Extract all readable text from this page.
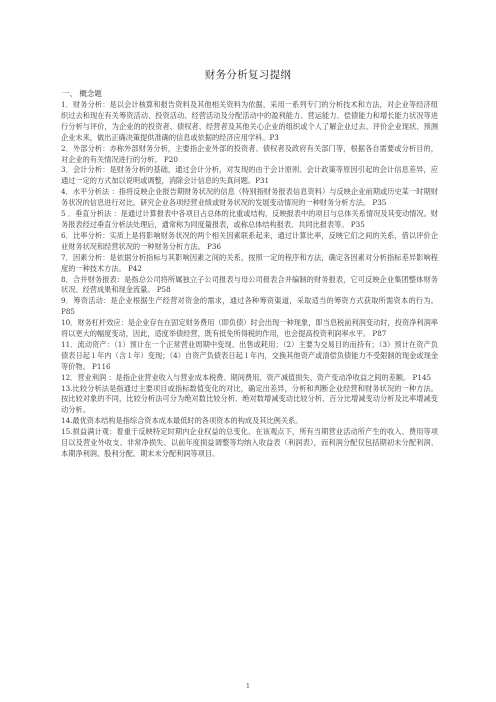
财务分析复习提纲
一、 概念题

1．财务分析：是以会计核算和报告资料及其他相关资料为依据，采用一系列专门的分析技术和方法，对企业等经济组织过去和现在有关筹资活动、投资活动、经营活动及分配活动中的盈利能力、营运能力、偿债能力和增长能力状况等进行分析与评价，为企业的的投资者、债权者、经营者及其他关心企业的组织或个人了解企业过去、评价企业现状、预测企业未来，做出正确决策提供准确的信息或依据的经济应用学科。P3

2．外部分析：亦称外部财务分析，主要指企业外部的投资者、债权者及政府有关部门等，根据各自需要或分析目的，对企业的有关情况进行的分析。 P20

3．会计分析：是财务分析的基础，通过会计分析，对发现的由于会计原则、会计政策等原因引起的会计信息差异，应通过一定的方式加以说明或调整，消除会计信息的失真问题。P31

4．水平分析法 ：指将反映企业报告期财务状况的信息（特别指财务报表信息资料）与反映企业前期或历史某一时期财务状况的信息进行对比，研究企业各项经营业绩或财务状况的发展变动情况的一种财务分析方法。 P35

5 ．垂直分析法 ：是通过计算报表中各项目占总体的比重或结构，反映报表中的项目与总体关系情况及其变动情况。财务报表经过垂直分析法处理后，通常称为同度量报表，或称总体结构报表、共同比报表等。 P35

6．比率分析：实质上是将影响财务状况的两个相关因素联系起来，通过计算比率，反映它们之间的关系，借以评价企业财务状况和经营状况的一种财务分析方法。 P36

7．因素分析：是依据分析指标与其影响因素之间的关系，按照一定的程序和方法，确定各因素对分析指标差异影响程度的一种技术方法。 P42

8．合并财务报表：是指总公司将所属独立子公司报表与母公司报表合并编制的财务报表，它可反映企业集团整体财务状况、经营成果和现金流量。 P58

9．筹资活动：是企业根据生产经营对资金的需求，通过各种筹资渠道，采取适当的筹资方式获取所需资本的行为。 P85

10．财务杠杆效应：是企业存在在固定财务费用（即负债）时会出现一种现象，即当息税前利润变动时，投资净利润率将以更大的幅度变动，因此，适度举债经营，既有抵免所得税的作用，也会提高投资利润率水平。 P87

11．流动资产：（1）预计在一个正常营业周期中变现、出售或耗用；（2）主要为交易目的而持有；（3）预计在资产负债表日起１年内（含１年）变现；（4）自资产负债表日起１年内，交换其他资产或清偿负债能力不受限制的现金或现金等价物。 P116

12．营业利润 ：是指企业营业收入与营业成本税费、期间费用、资产减值损失、资产变动净收益之间的差额。 P145

13.比较分析法是指通过主要项目或指标数值变化的对比，确定出差异，分析和判断企业经营和财务状况的一种方法。按比较对象的不同，比较分析法可分为绝对数比较分析、绝对数增减变动比较分析、百分比增减变动分析及比率增减变动分析。

14.最优资本结构是指综合资本成本最低时的各项资本的构成及其比例关系。

15.损益满计观：着重于反映特定时期内企业权益的总变化。在该观点下，所有当期营业活动所产生的收入、费用等项目以及营业外收支、非常净损失、以前年度损益调整等均纳入收益表（利润表），而利润分配仅包括期初未分配利润、本期净利润、股利分配、期末未分配利润等项目。

1
